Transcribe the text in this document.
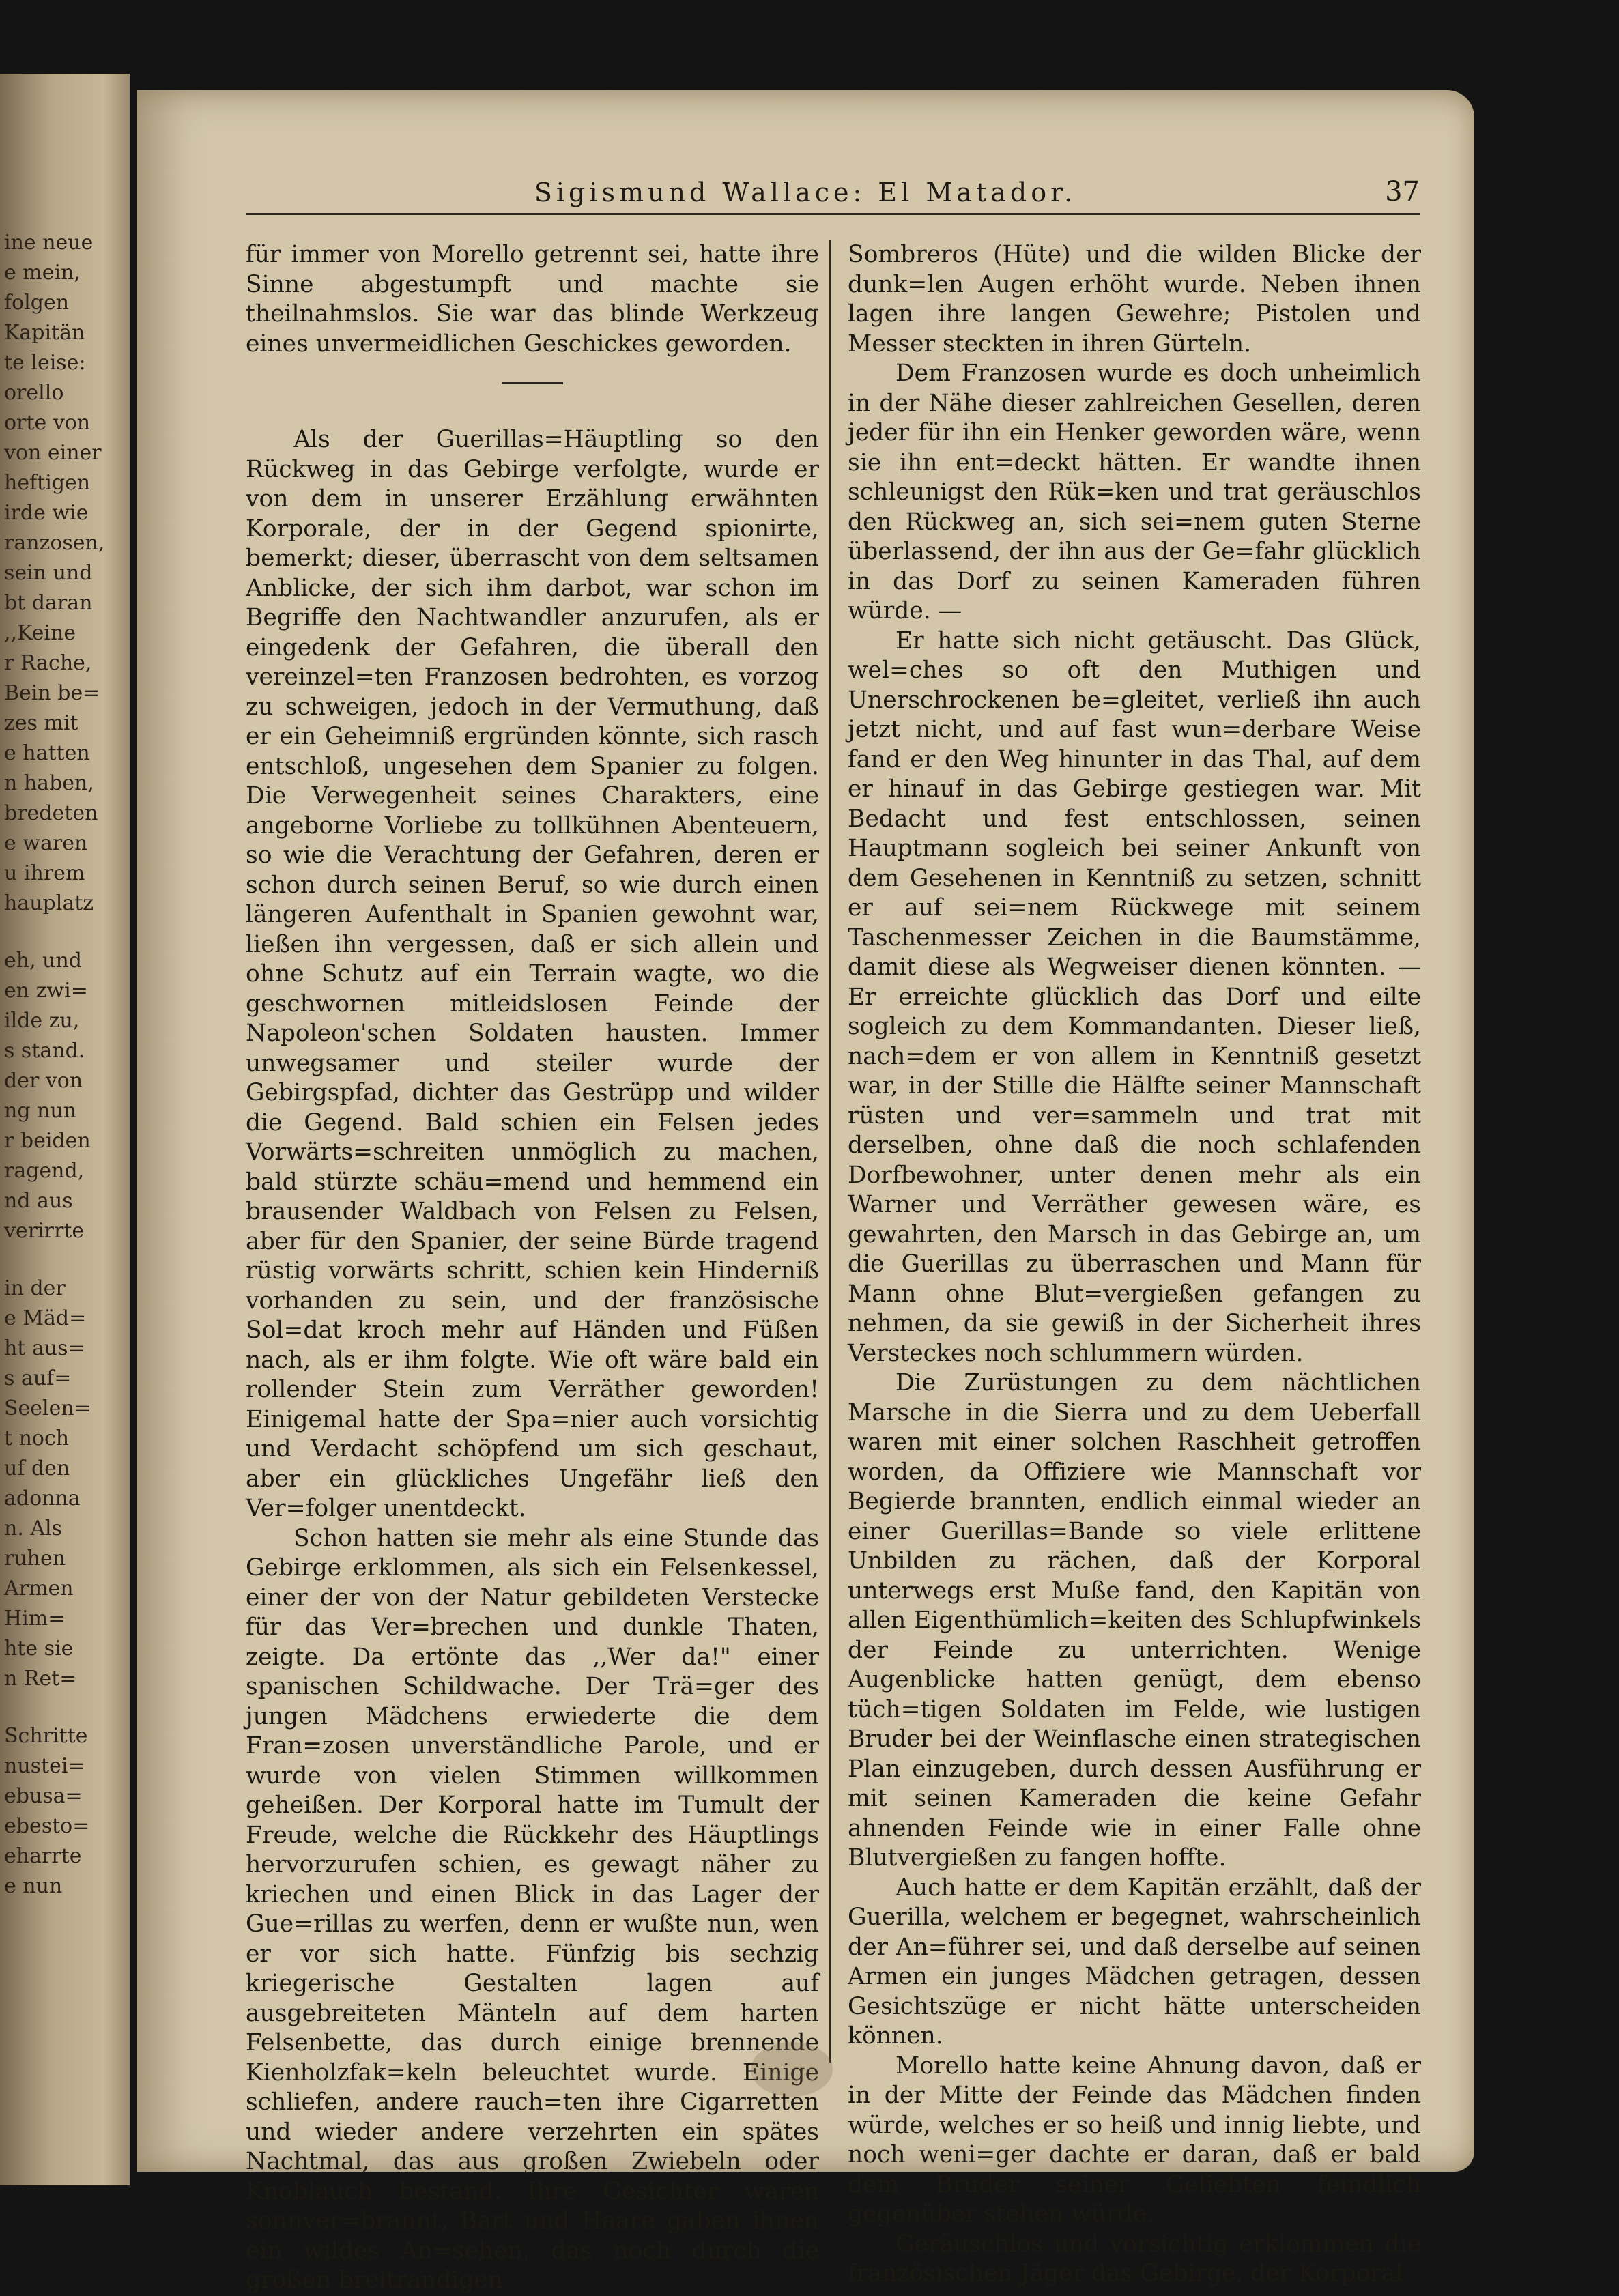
ine neue
e mein,
folgen
Kapitän
te leise:
orello
orte von
von einer
heftigen
irde wie
ranzosen,
sein und
bt daran
,,Keine
r Rache,
Bein be=
zes mit
e hatten
n haben,
bredeten
e waren
u ihrem
hauplatz
eh, und
en zwi=
ilde zu,
s stand.
der von
ng nun
r beiden
ragend,
nd aus
verirrte
in der
e Mäd=
ht aus=
s auf=
Seelen=
t noch
uf den
adonna
n. Als
ruhen
Armen
Him=
hte sie
n Ret=
Schritte
nustei=
ebusa=
ebesto=
eharrte
e nun
Sigismund Wallace: El Matador.	37

für immer von Morello getrennt sei, hatte ihre Sinne abgestumpft und machte sie theilnahmslos. Sie war das blinde Werkzeug eines unvermeidlichen Geschickes geworden.

Als der Guerillas=Häuptling so den Rückweg in das Gebirge verfolgte, wurde er von dem in unserer Erzählung erwähnten Korporale, der in der Gegend spionirte, bemerkt; dieser, überrascht von dem seltsamen Anblicke, der sich ihm darbot, war schon im Begriffe den Nachtwandler anzurufen, als er eingedenk der Gefahren, die überall den vereinzel=ten Franzosen bedrohten, es vorzog zu schweigen, jedoch in der Vermuthung, daß er ein Geheimniß ergründen könnte, sich rasch entschloß, ungesehen dem Spanier zu folgen. Die Verwegenheit seines Charakters, eine angeborne Vorliebe zu tollkühnen Abenteuern, so wie die Verachtung der Gefahren, deren er schon durch seinen Beruf, so wie durch einen längeren Aufenthalt in Spanien gewohnt war, ließen ihn vergessen, daß er sich allein und ohne Schutz auf ein Terrain wagte, wo die geschwornen mitleidslosen Feinde der Napoleon'schen Soldaten hausten. Immer unwegsamer und steiler wurde der Gebirgspfad, dichter das Gestrüpp und wilder die Gegend. Bald schien ein Felsen jedes Vorwärts=schreiten unmöglich zu machen, bald stürzte schäu=mend und hemmend ein brausender Waldbach von Felsen zu Felsen, aber für den Spanier, der seine Bürde tragend rüstig vorwärts schritt, schien kein Hinderniß vorhanden zu sein, und der französische Sol=dat kroch mehr auf Händen und Füßen nach, als er ihm folgte. Wie oft wäre bald ein rollender Stein zum Verräther geworden! Einigemal hatte der Spa=nier auch vorsichtig und Verdacht schöpfend um sich geschaut, aber ein glückliches Ungefähr ließ den Ver=folger unentdeckt.

Schon hatten sie mehr als eine Stunde das Gebirge erklommen, als sich ein Felsenkessel, einer der von der Natur gebildeten Verstecke für das Ver=brechen und dunkle Thaten, zeigte. Da ertönte das ,,Wer da!" einer spanischen Schildwache. Der Trä=ger des jungen Mädchens erwiederte die dem Fran=zosen unverständliche Parole, und er wurde von vielen Stimmen willkommen geheißen. Der Korporal hatte im Tumult der Freude, welche die Rückkehr des Häuptlings hervorzurufen schien, es gewagt näher zu kriechen und einen Blick in das Lager der Gue=rillas zu werfen, denn er wußte nun, wen er vor sich hatte. Fünfzig bis sechzig kriegerische Gestalten lagen auf ausgebreiteten Mänteln auf dem harten Felsenbette, das durch einige brennende Kienholzfak=keln beleuchtet wurde. Einige schliefen, andere rauch=ten ihre Cigarretten und wieder andere verzehrten ein spätes Nachtmal, das aus großen Zwiebeln oder Knoblauch bestand. Ihre Gesichter waren sonnver=brannt, Bart und Haare gaben ihnen ein wildes An=sehen, das noch durch die großen breitrandigen

Sombreros (Hüte) und die wilden Blicke der dunk=len Augen erhöht wurde. Neben ihnen lagen ihre langen Gewehre; Pistolen und Messer steckten in ihren Gürteln.

Dem Franzosen wurde es doch unheimlich in der Nähe dieser zahlreichen Gesellen, deren jeder für ihn ein Henker geworden wäre, wenn sie ihn ent=deckt hätten. Er wandte ihnen schleunigst den Rük=ken und trat geräuschlos den Rückweg an, sich sei=nem guten Sterne überlassend, der ihn aus der Ge=fahr glücklich in das Dorf zu seinen Kameraden führen würde. —

Er hatte sich nicht getäuscht. Das Glück, wel=ches so oft den Muthigen und Unerschrockenen be=gleitet, verließ ihn auch jetzt nicht, und auf fast wun=derbare Weise fand er den Weg hinunter in das Thal, auf dem er hinauf in das Gebirge gestiegen war. Mit Bedacht und fest entschlossen, seinen Hauptmann sogleich bei seiner Ankunft von dem Gesehenen in Kenntniß zu setzen, schnitt er auf sei=nem Rückwege mit seinem Taschenmesser Zeichen in die Baumstämme, damit diese als Wegweiser dienen könnten. — Er erreichte glücklich das Dorf und eilte sogleich zu dem Kommandanten. Dieser ließ, nach=dem er von allem in Kenntniß gesetzt war, in der Stille die Hälfte seiner Mannschaft rüsten und ver=sammeln und trat mit derselben, ohne daß die noch schlafenden Dorfbewohner, unter denen mehr als ein Warner und Verräther gewesen wäre, es gewahrten, den Marsch in das Gebirge an, um die Guerillas zu überraschen und Mann für Mann ohne Blut=vergießen gefangen zu nehmen, da sie gewiß in der Sicherheit ihres Versteckes noch schlummern würden.

Die Zurüstungen zu dem nächtlichen Marsche in die Sierra und zu dem Ueberfall waren mit einer solchen Raschheit getroffen worden, da Offiziere wie Mannschaft vor Begierde brannten, endlich einmal wieder an einer Guerillas=Bande so viele erlittene Unbilden zu rächen, daß der Korporal unterwegs erst Muße fand, den Kapitän von allen Eigenthümlich=keiten des Schlupfwinkels der Feinde zu unterrichten. Wenige Augenblicke hatten genügt, dem ebenso tüch=tigen Soldaten im Felde, wie lustigen Bruder bei der Weinflasche einen strategischen Plan einzugeben, durch dessen Ausführung er mit seinen Kameraden die keine Gefahr ahnenden Feinde wie in einer Falle ohne Blutvergießen zu fangen hoffte.

Auch hatte er dem Kapitän erzählt, daß der Guerilla, welchem er begegnet, wahrscheinlich der An=führer sei, und daß derselbe auf seinen Armen ein junges Mädchen getragen, dessen Gesichtszüge er nicht hätte unterscheiden können.

Morello hatte keine Ahnung davon, daß er in der Mitte der Feinde das Mädchen finden würde, welches er so heiß und innig liebte, und noch weni=ger dachte er daran, daß er bald dem Bruder seiner Geliebten feindlich gegenüber stehen würde.

Geräuschlos und vorsichtig erklommen die französischen Jäger das Gebirge, der Korporal
